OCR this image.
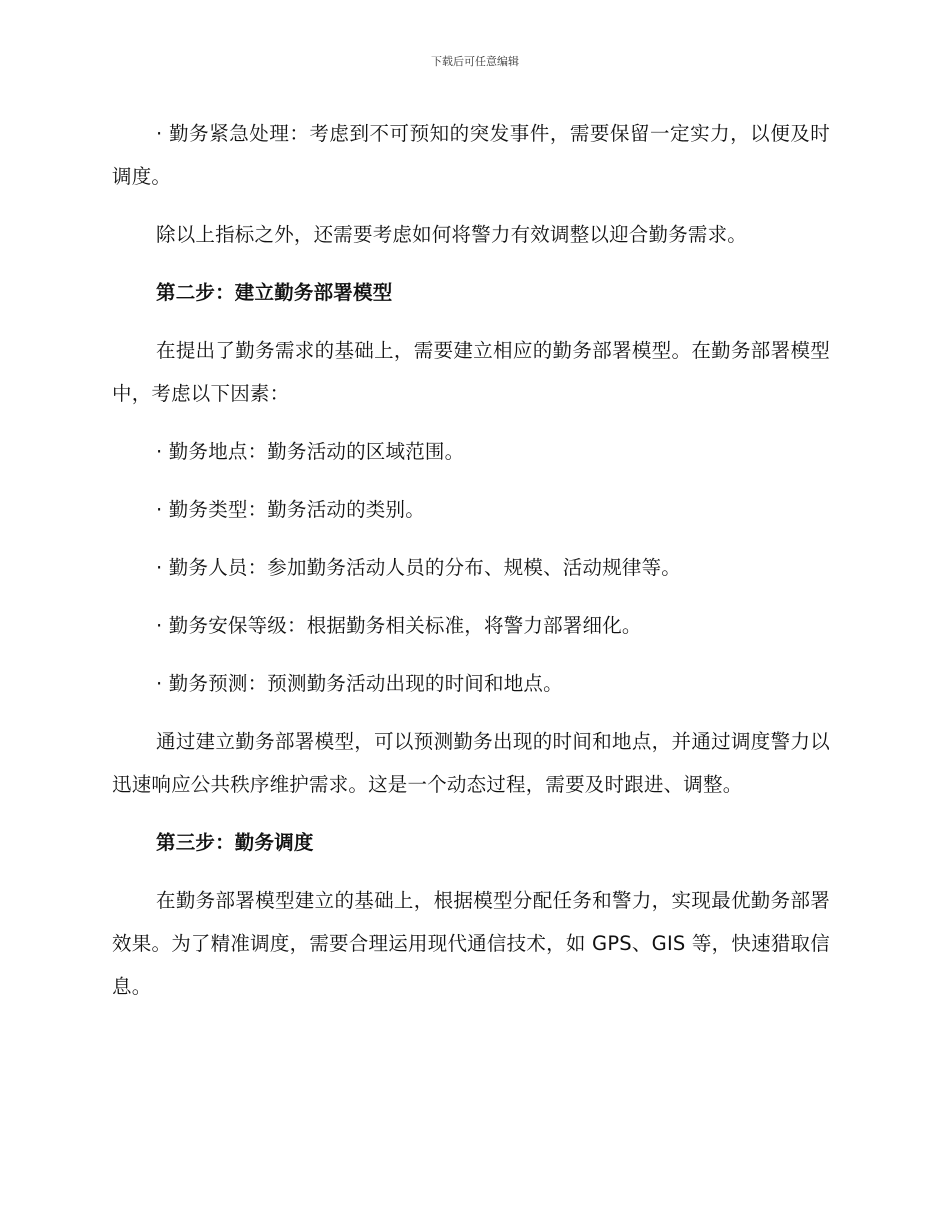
下载后可任意编辑

· 勤务紧急处理：考虑到不可预知的突发事件，需要保留一定实力，以便及时调度。

除以上指标之外，还需要考虑如何将警力有效调整以迎合勤务需求。

第二步：建立勤务部署模型

在提出了勤务需求的基础上，需要建立相应的勤务部署模型。在勤务部署模型中，考虑以下因素：

· 勤务地点：勤务活动的区域范围。

· 勤务类型：勤务活动的类别。

· 勤务人员：参加勤务活动人员的分布、规模、活动规律等。

· 勤务安保等级：根据勤务相关标准，将警力部署细化。

· 勤务预测：预测勤务活动出现的时间和地点。

通过建立勤务部署模型，可以预测勤务出现的时间和地点，并通过调度警力以迅速响应公共秩序维护需求。这是一个动态过程，需要及时跟进、调整。

第三步：勤务调度

在勤务部署模型建立的基础上，根据模型分配任务和警力，实现最优勤务部署效果。为了精准调度，需要合理运用现代通信技术，如 GPS、GIS 等，快速猎取信息。
